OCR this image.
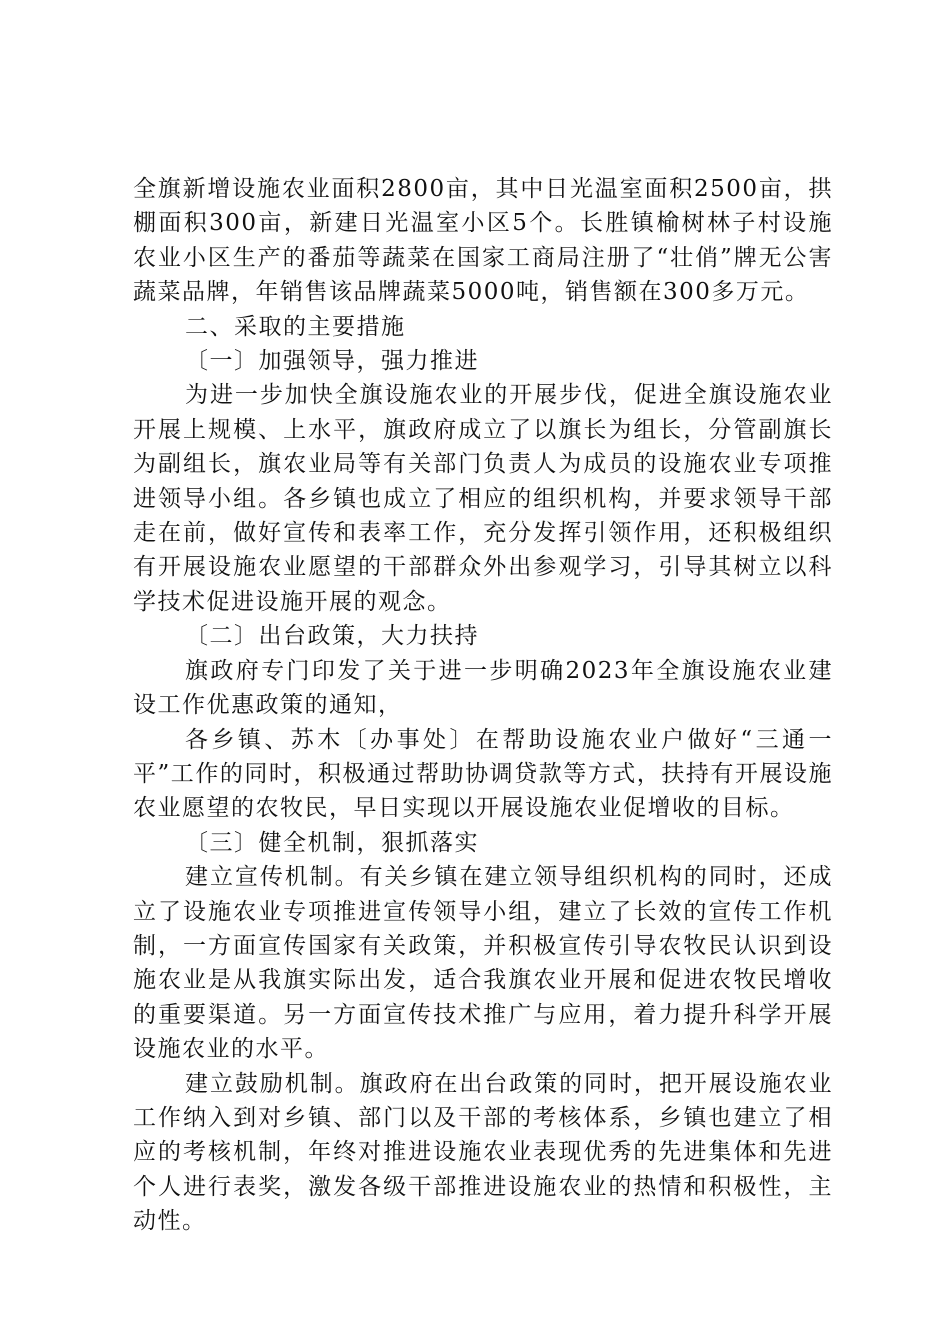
全旗新增设施农业面积2800亩，其中日光温室面积2500亩，拱棚面积300亩，新建日光温室小区5个。长胜镇榆树林子村设施农业小区生产的番茄等蔬菜在国家工商局注册了“壮俏”牌无公害蔬菜品牌，年销售该品牌蔬菜5000吨，销售额在300多万元。

二、采取的主要措施

〔一〕加强领导，强力推进

为进一步加快全旗设施农业的开展步伐，促进全旗设施农业开展上规模、上水平，旗政府成立了以旗长为组长，分管副旗长为副组长，旗农业局等有关部门负责人为成员的设施农业专项推进领导小组。各乡镇也成立了相应的组织机构，并要求领导干部走在前，做好宣传和表率工作，充分发挥引领作用，还积极组织有开展设施农业愿望的干部群众外出参观学习，引导其树立以科学技术促进设施开展的观念。

〔二〕出台政策，大力扶持

旗政府专门印发了关于进一步明确2023年全旗设施农业建设工作优惠政策的通知，

各乡镇、苏木〔办事处〕在帮助设施农业户做好“三通一平”工作的同时，积极通过帮助协调贷款等方式，扶持有开展设施农业愿望的农牧民，早日实现以开展设施农业促增收的目标。

〔三〕健全机制，狠抓落实

建立宣传机制。有关乡镇在建立领导组织机构的同时，还成立了设施农业专项推进宣传领导小组，建立了长效的宣传工作机制，一方面宣传国家有关政策，并积极宣传引导农牧民认识到设施农业是从我旗实际出发，适合我旗农业开展和促进农牧民增收的重要渠道。另一方面宣传技术推广与应用，着力提升科学开展设施农业的水平。

建立鼓励机制。旗政府在出台政策的同时，把开展设施农业工作纳入到对乡镇、部门以及干部的考核体系，乡镇也建立了相应的考核机制，年终对推进设施农业表现优秀的先进集体和先进个人进行表奖，激发各级干部推进设施农业的热情和积极性，主动性。
